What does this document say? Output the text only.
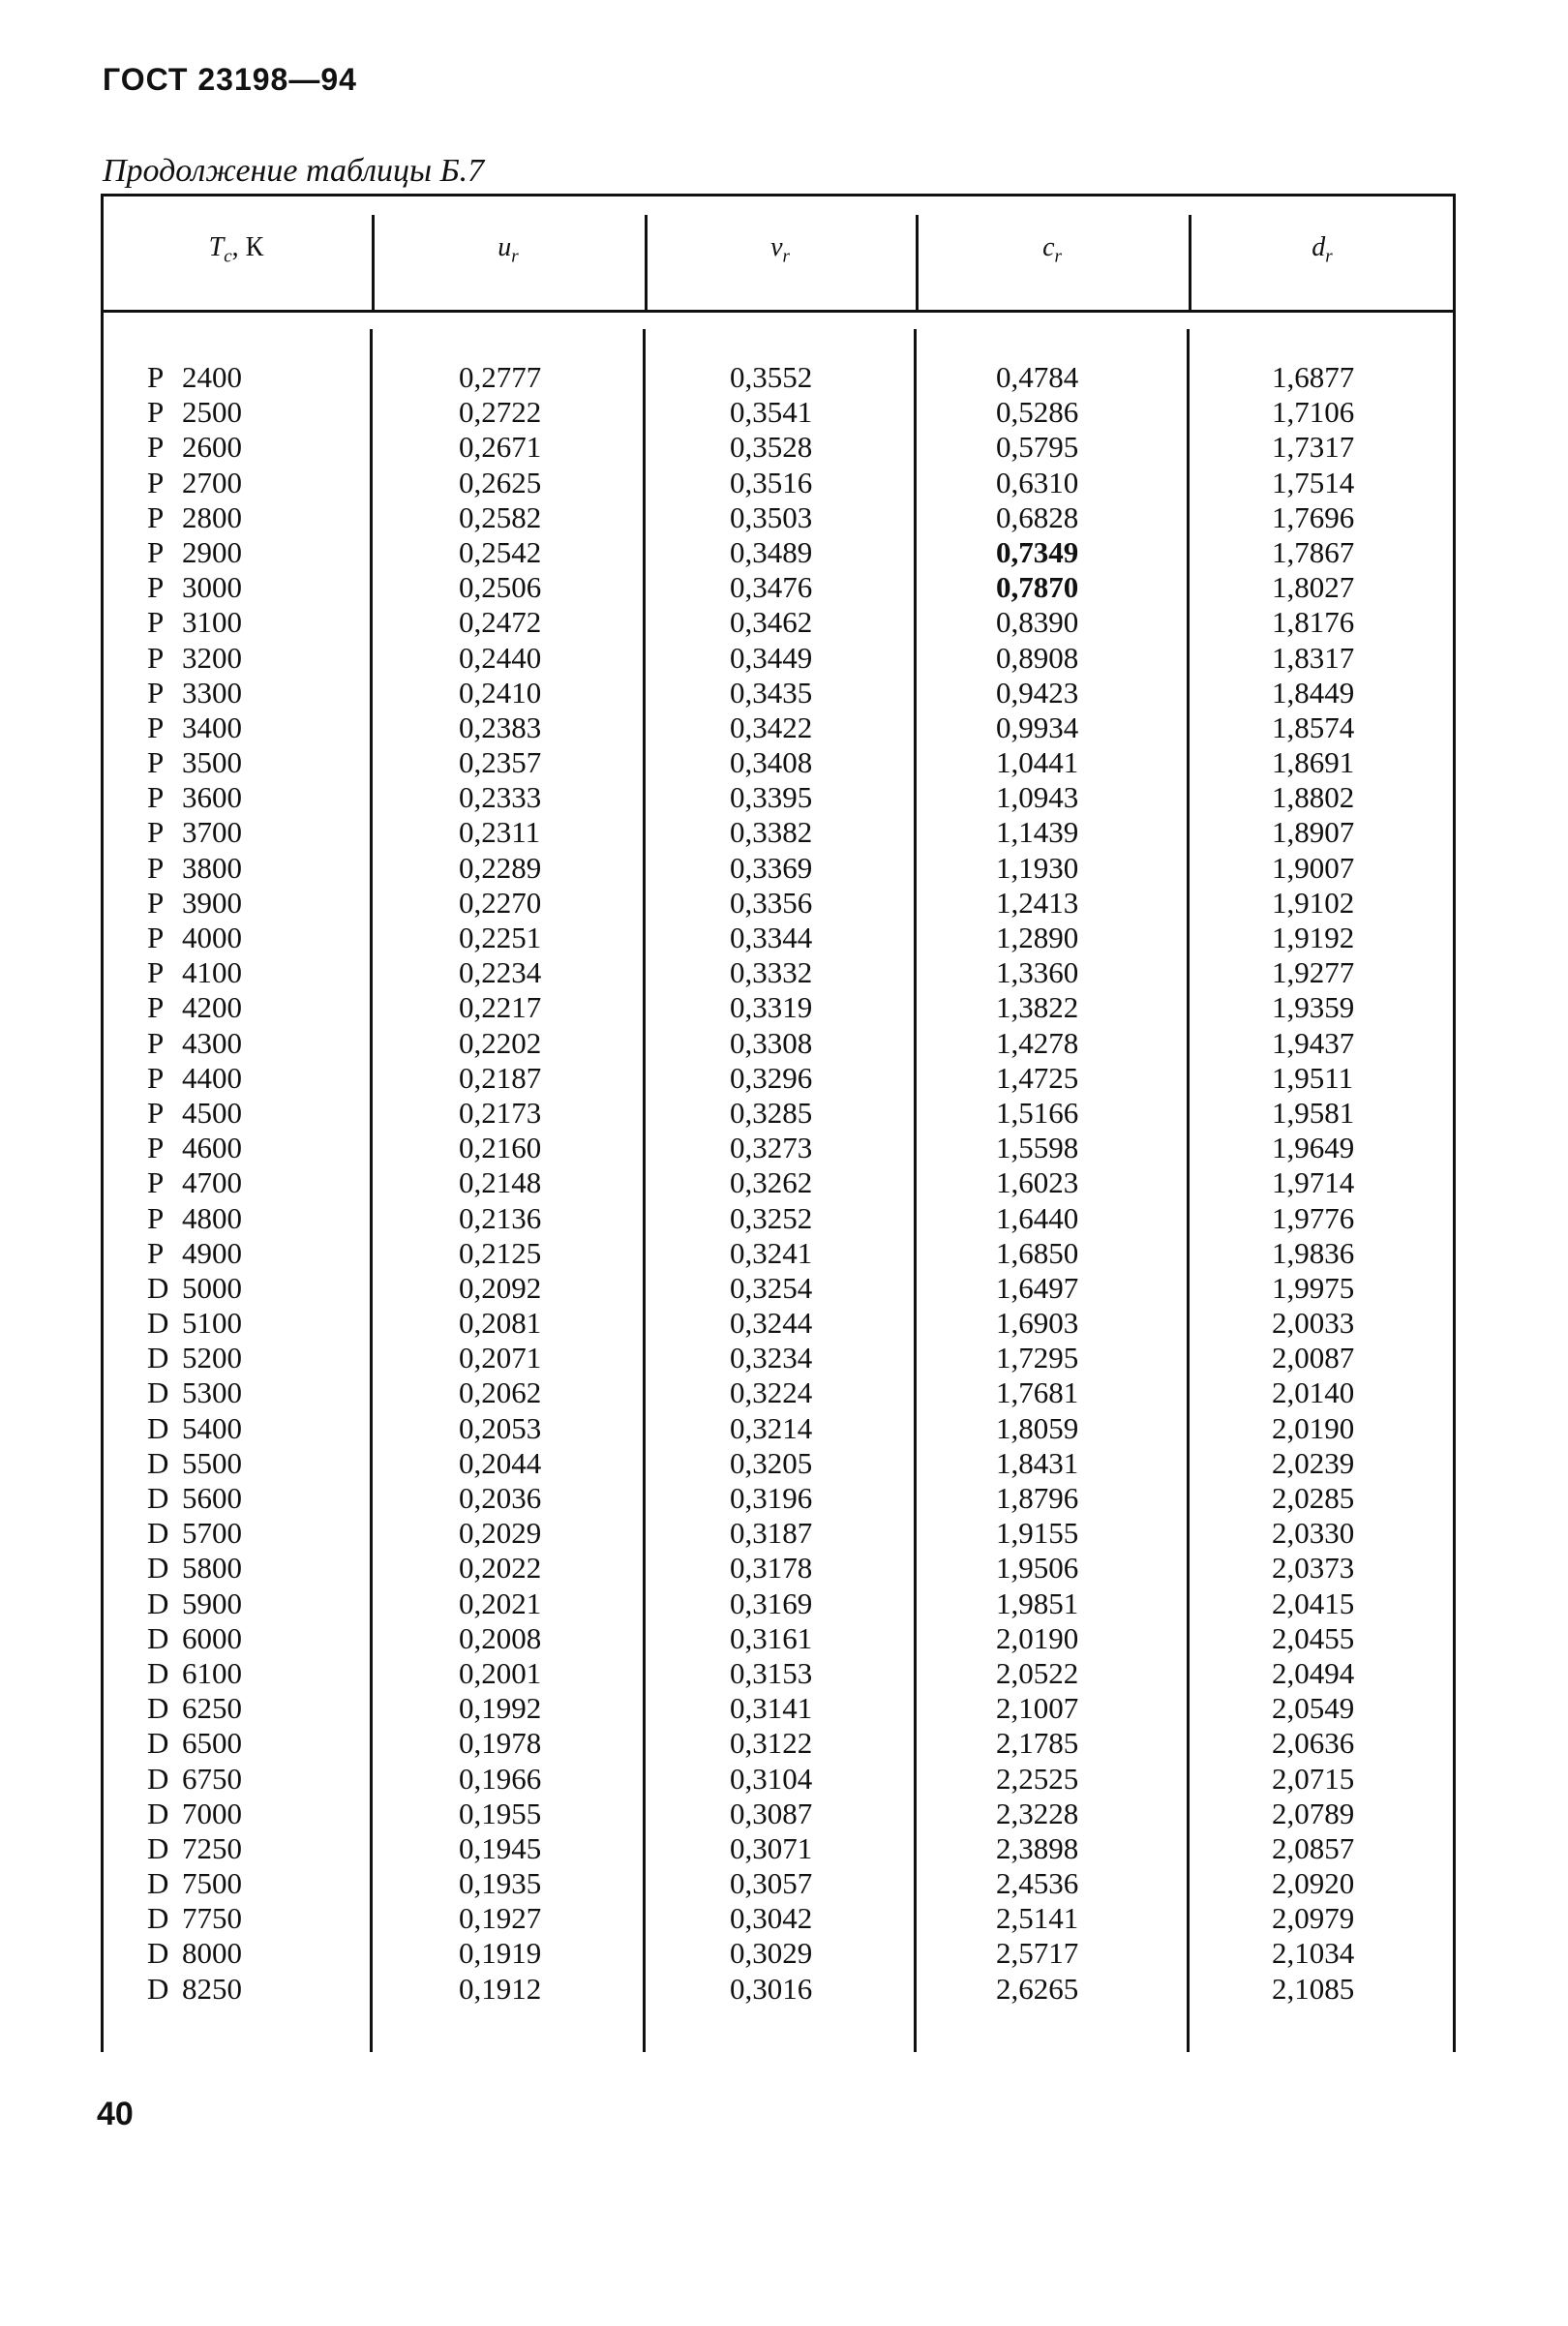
ГОСТ 23198—94
Продолжение таблицы Б.7
$T_c$, К	$u_r$	$v_r$	$c_r$	$d_r$
P 2400	0,2777	0,3552	0,4784	1,6877
P 2500	0,2722	0,3541	0,5286	1,7106
P 2600	0,2671	0,3528	0,5795	1,7317
P 2700	0,2625	0,3516	0,6310	1,7514
P 2800	0,2582	0,3503	0,6828	1,7696
P 2900	0,2542	0,3489	0,7349	1,7867
P 3000	0,2506	0,3476	0,7870	1,8027
P 3100	0,2472	0,3462	0,8390	1,8176
P 3200	0,2440	0,3449	0,8908	1,8317
P 3300	0,2410	0,3435	0,9423	1,8449
P 3400	0,2383	0,3422	0,9934	1,8574
P 3500	0,2357	0,3408	1,0441	1,8691
P 3600	0,2333	0,3395	1,0943	1,8802
P 3700	0,2311	0,3382	1,1439	1,8907
P 3800	0,2289	0,3369	1,1930	1,9007
P 3900	0,2270	0,3356	1,2413	1,9102
P 4000	0,2251	0,3344	1,2890	1,9192
P 4100	0,2234	0,3332	1,3360	1,9277
P 4200	0,2217	0,3319	1,3822	1,9359
P 4300	0,2202	0,3308	1,4278	1,9437
P 4400	0,2187	0,3296	1,4725	1,9511
P 4500	0,2173	0,3285	1,5166	1,9581
P 4600	0,2160	0,3273	1,5598	1,9649
P 4700	0,2148	0,3262	1,6023	1,9714
P 4800	0,2136	0,3252	1,6440	1,9776
P 4900	0,2125	0,3241	1,6850	1,9836
D 5000	0,2092	0,3254	1,6497	1,9975
D 5100	0,2081	0,3244	1,6903	2,0033
D 5200	0,2071	0,3234	1,7295	2,0087
D 5300	0,2062	0,3224	1,7681	2,0140
D 5400	0,2053	0,3214	1,8059	2,0190
D 5500	0,2044	0,3205	1,8431	2,0239
D 5600	0,2036	0,3196	1,8796	2,0285
D 5700	0,2029	0,3187	1,9155	2,0330
D 5800	0,2022	0,3178	1,9506	2,0373
D 5900	0,2021	0,3169	1,9851	2,0415
D 6000	0,2008	0,3161	2,0190	2,0455
D 6100	0,2001	0,3153	2,0522	2,0494
D 6250	0,1992	0,3141	2,1007	2,0549
D 6500	0,1978	0,3122	2,1785	2,0636
D 6750	0,1966	0,3104	2,2525	2,0715
D 7000	0,1955	0,3087	2,3228	2,0789
D 7250	0,1945	0,3071	2,3898	2,0857
D 7500	0,1935	0,3057	2,4536	2,0920
D 7750	0,1927	0,3042	2,5141	2,0979
D 8000	0,1919	0,3029	2,5717	2,1034
D 8250	0,1912	0,3016	2,6265	2,1085
40
